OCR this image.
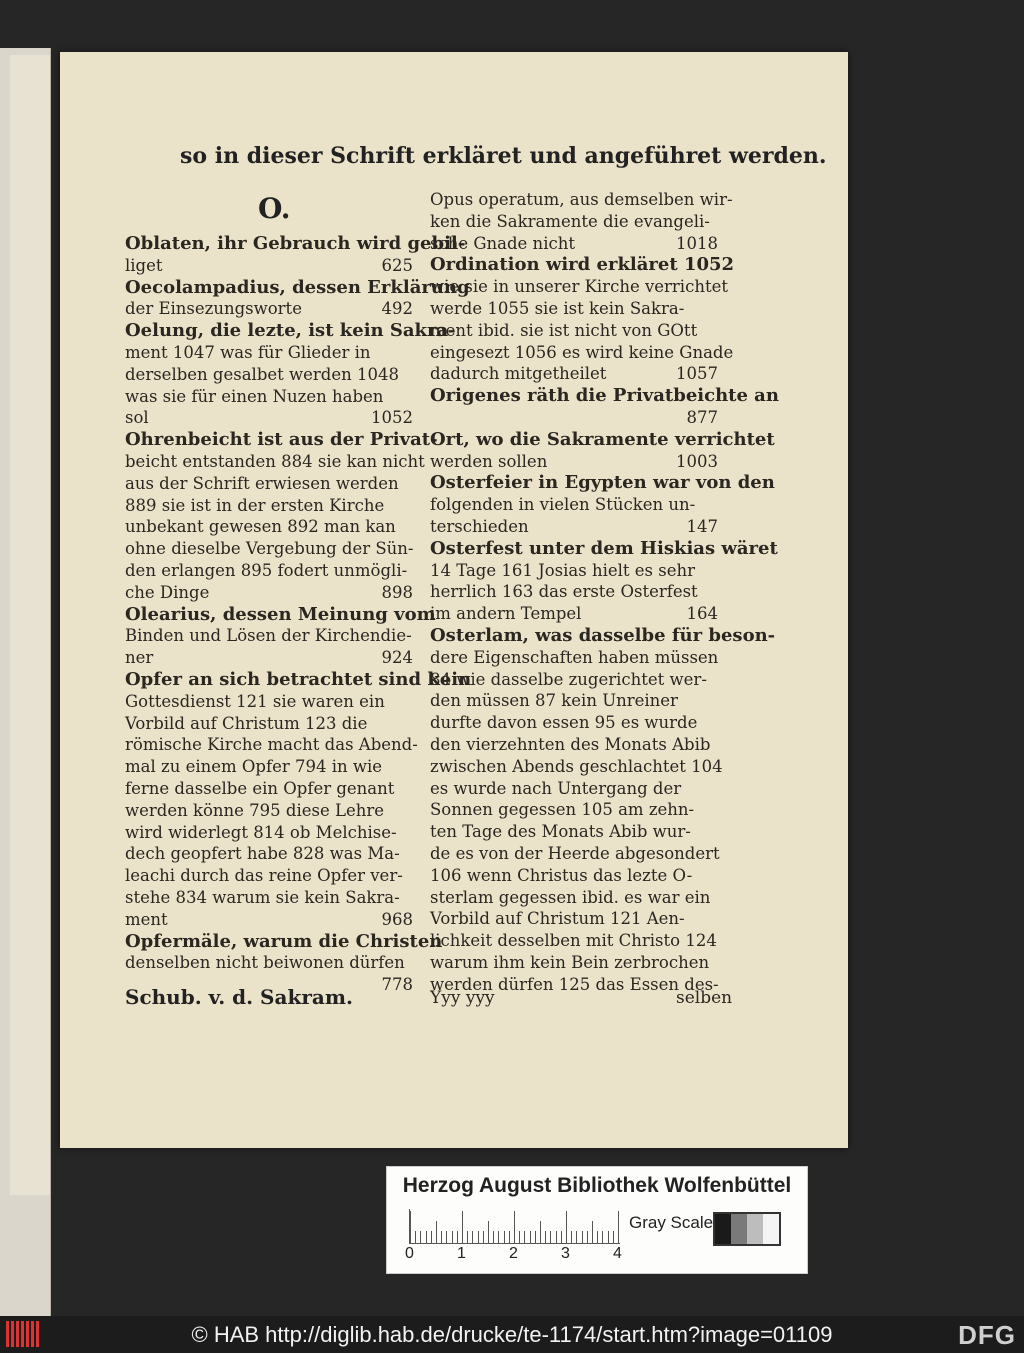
so in dieser Schrift erkläret und angeführet werden.
O.
Oblaten, ihr Gebrauch wird gebil-
liget	625
Oecolampadius, dessen Erklärung
der Einsezungsworte	492
Oelung, die lezte, ist kein Sakra-
ment 1047 was für Glieder in
derselben gesalbet werden 1048
was sie für einen Nuzen haben
sol	1052
Ohrenbeicht ist aus der Privat-
beicht entstanden 884 sie kan nicht
aus der Schrift erwiesen werden
889 sie ist in der ersten Kirche
unbekant gewesen 892 man kan
ohne dieselbe Vergebung der Sün-
den erlangen 895 fodert unmögli-
che Dinge	898
Olearius, dessen Meinung vom
Binden und Lösen der Kirchendie-
ner	924
Opfer an sich betrachtet sind kein
Gottesdienst 121 sie waren ein
Vorbild auf Christum 123 die
römische Kirche macht das Abend-
mal zu einem Opfer 794 in wie
ferne dasselbe ein Opfer genant
werden könne 795 diese Lehre
wird widerlegt 814 ob Melchise-
dech geopfert habe 828 was Ma-
leachi durch das reine Opfer ver-
stehe 834 warum sie kein Sakra-
ment	968
Opfermäle, warum die Christen
denselben nicht beiwonen dürfen
778
Opus operatum, aus demselben wir-
ken die Sakramente die evangeli-
sche Gnade nicht	1018
Ordination wird erkläret 1052
wie sie in unserer Kirche verrichtet
werde 1055 sie ist kein Sakra-
ment ibid. sie ist nicht von GOtt
eingesezt 1056 es wird keine Gnade
dadurch mitgetheilet	1057
Origenes räth die Privatbeichte an
877
Ort, wo die Sakramente verrichtet
werden sollen	1003
Osterfeier in Egypten war von den
folgenden in vielen Stücken un-
terschieden	147
Osterfest unter dem Hiskias wäret
14 Tage 161 Josias hielt es sehr
herrlich 163 das erste Osterfest
im andern Tempel	164
Osterlam, was dasselbe für beson-
dere Eigenschaften haben müssen
84 wie dasselbe zugerichtet wer-
den müssen 87 kein Unreiner
durfte davon essen 95 es wurde
den vierzehnten des Monats Abib
zwischen Abends geschlachtet 104
es wurde nach Untergang der
Sonnen gegessen 105 am zehn-
ten Tage des Monats Abib wur-
de es von der Heerde abgesondert
106 wenn Christus das lezte O-
sterlam gegessen ibid. es war ein
Vorbild auf Christum 121 Aen-
lichkeit desselben mit Christo 124
warum ihm kein Bein zerbrochen
werden dürfen 125 das Essen des-
Schub. v. d. Sakram.	Yyy yyy	selben
Herzog August Bibliothek Wolfenbüttel
0	1	2	3	4
Gray Scale
© HAB http://diglib.hab.de/drucke/te-1174/start.htm?image=01109	DFG
